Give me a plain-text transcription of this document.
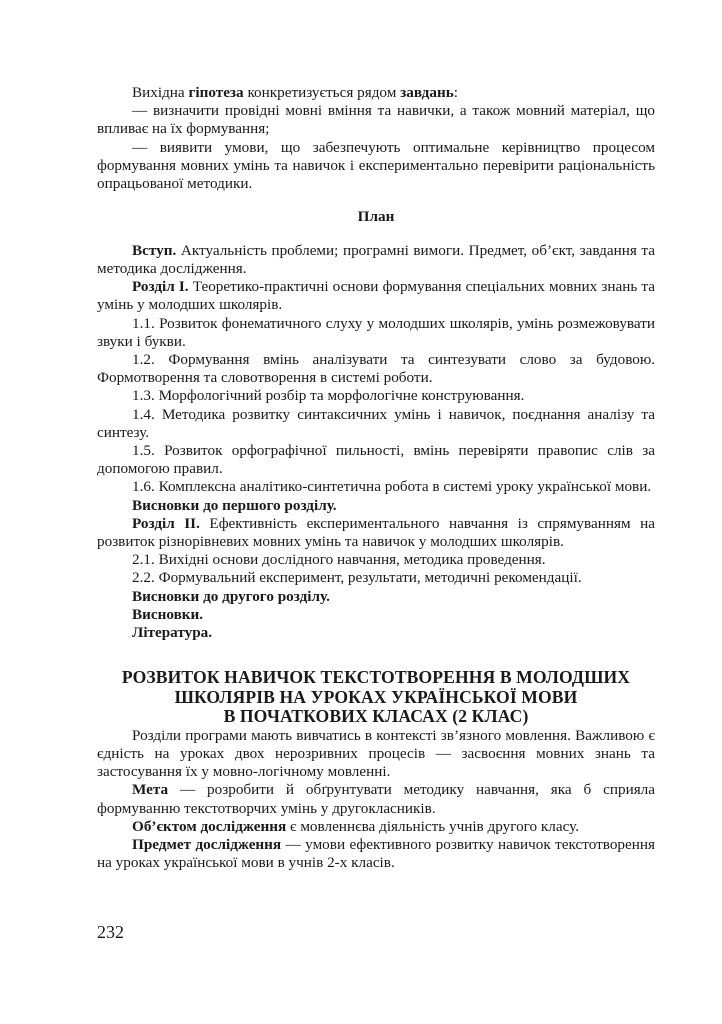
Вихідна гіпотеза конкретизується рядом завдань:

— визначити провідні мовні вміння та навички, а також мовний матеріал, що впливає на їх формування;

— виявити умови, що забезпечують оптимальне керівництво процесом формування мовних умінь та навичок і експериментально перевірити раціональність опрацьованої методики.

План

Вступ. Актуальність проблеми; програмні вимоги. Предмет, об’єкт, завдання та методика дослідження.

Розділ I. Теоретико-практичні основи формування спеціальних мовних знань та умінь у молодших школярів.

1.1. Розвиток фонематичного слуху у молодших школярів, умінь розмежовувати звуки і букви.

1.2. Формування вмінь аналізувати та синтезувати слово за будовою. Формотворення та словотворення в системі роботи.

1.3. Морфологічний розбір та морфологічне конструювання.

1.4. Методика розвитку синтаксичних умінь і навичок, поєднання аналізу та синтезу.

1.5. Розвиток орфографічної пильності, вмінь перевіряти правопис слів за допомогою правил.

1.6. Комплексна аналітико-синтетична робота в системі уроку української мови.

Висновки до першого розділу.

Розділ II. Ефективність експериментального навчання із спрямуванням на розвиток різнорівневих мовних умінь та навичок у молодших школярів.

2.1. Вихідні основи дослідного навчання, методика проведення.

2.2. Формувальний експеримент, результати, методичні рекомендації.

Висновки до другого розділу.

Висновки.

Література.

РОЗВИТОК НАВИЧОК ТЕКСТОТВОРЕННЯ В МОЛОДШИХ
ШКОЛЯРІВ НА УРОКАХ УКРАЇНСЬКОЇ МОВИ
В ПОЧАТКОВИХ КЛАСАХ (2 КЛАС)

Розділи програми мають вивчатись в контексті зв’язного мовлення. Важливою є єдність на уроках двох нерозривних процесів — засвоєння мовних знань та застосування їх у мовно-логічному мовленні.

Мета — розробити й обґрунтувати методику навчання, яка б сприяла формуванню текстотворчих умінь у другокласників.

Об’єктом дослідження є мовленнєва діяльність учнів другого класу.

Предмет дослідження — умови ефективного розвитку навичок текстотворення на уроках української мови в учнів 2-х класів.

232
